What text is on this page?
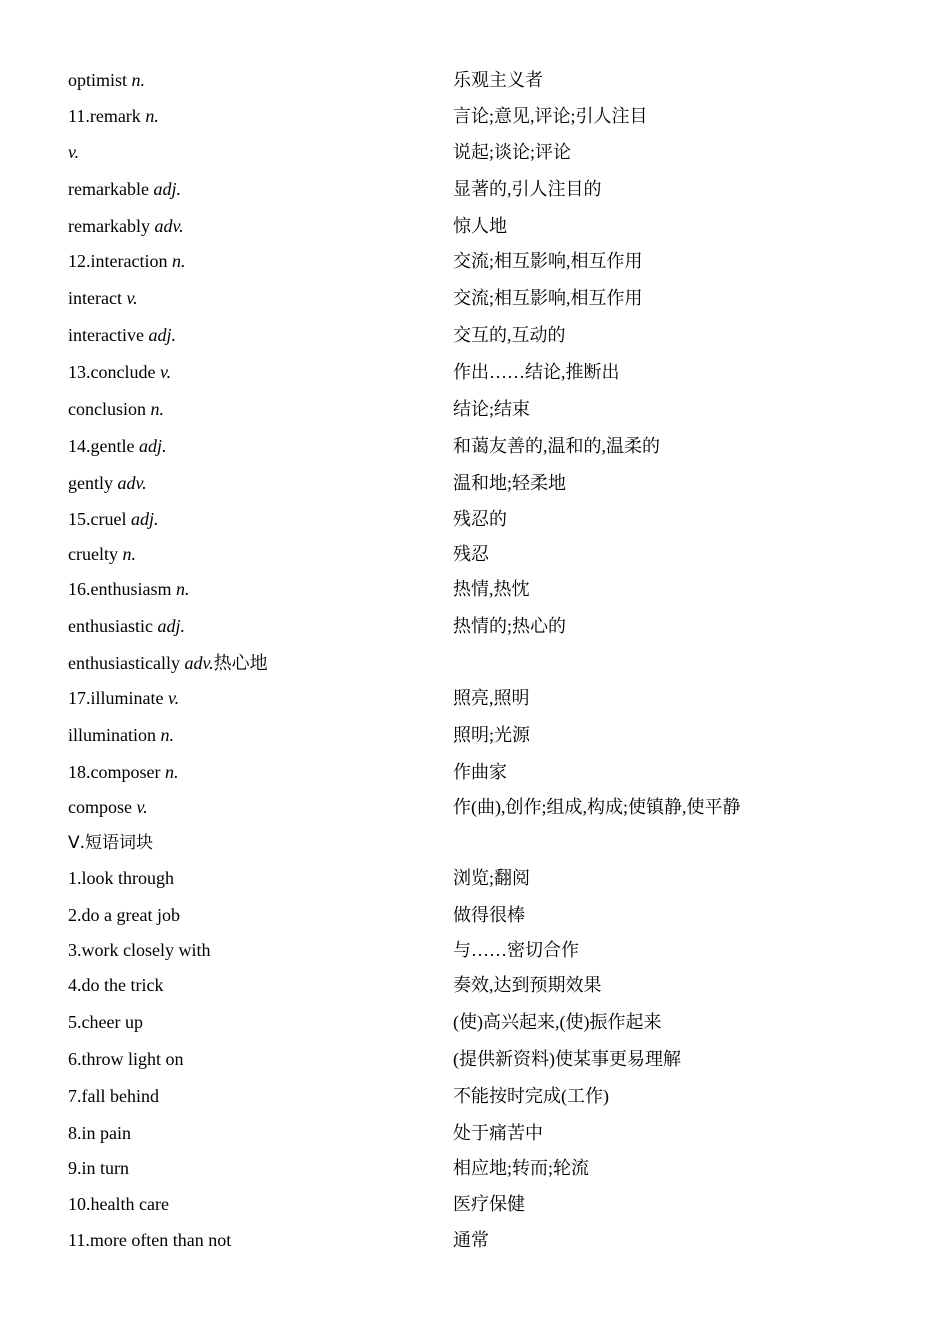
optimist n.	乐观主义者
11.remark n.	言论;意见,评论;引人注目
v.	说起;谈论;评论
remarkable adj.	显著的,引人注目的
remarkably adv.	惊人地
12.interaction n.	交流;相互影响,相互作用
interact v.	交流;相互影响,相互作用
interactive adj.	交互的,互动的
13.conclude v.	作出……结论,推断出
conclusion n.	结论;结束
14.gentle adj.	和蔼友善的,温和的,温柔的
gently adv.	温和地;轻柔地
15.cruel adj.	残忍的
cruelty n.	残忍
16.enthusiasm n.	热情,热忱
enthusiastic adj.	热情的;热心的
enthusiastically adv.热心地
17.illuminate v.	照亮,照明
illumination n.	照明;光源
18.composer n.	作曲家
compose v.	作(曲),创作;组成,构成;使镇静,使平静
Ⅴ.短语词块
1.look through	浏览;翻阅
2.do a great job	做得很棒
3.work closely with	与……密切合作
4.do the trick	奏效,达到预期效果
5.cheer up	(使)高兴起来,(使)振作起来
6.throw light on	(提供新资料)使某事更易理解
7.fall behind	不能按时完成(工作)
8.in pain	处于痛苦中
9.in turn	相应地;转而;轮流
10.health care	医疗保健
11.more often than not	通常
